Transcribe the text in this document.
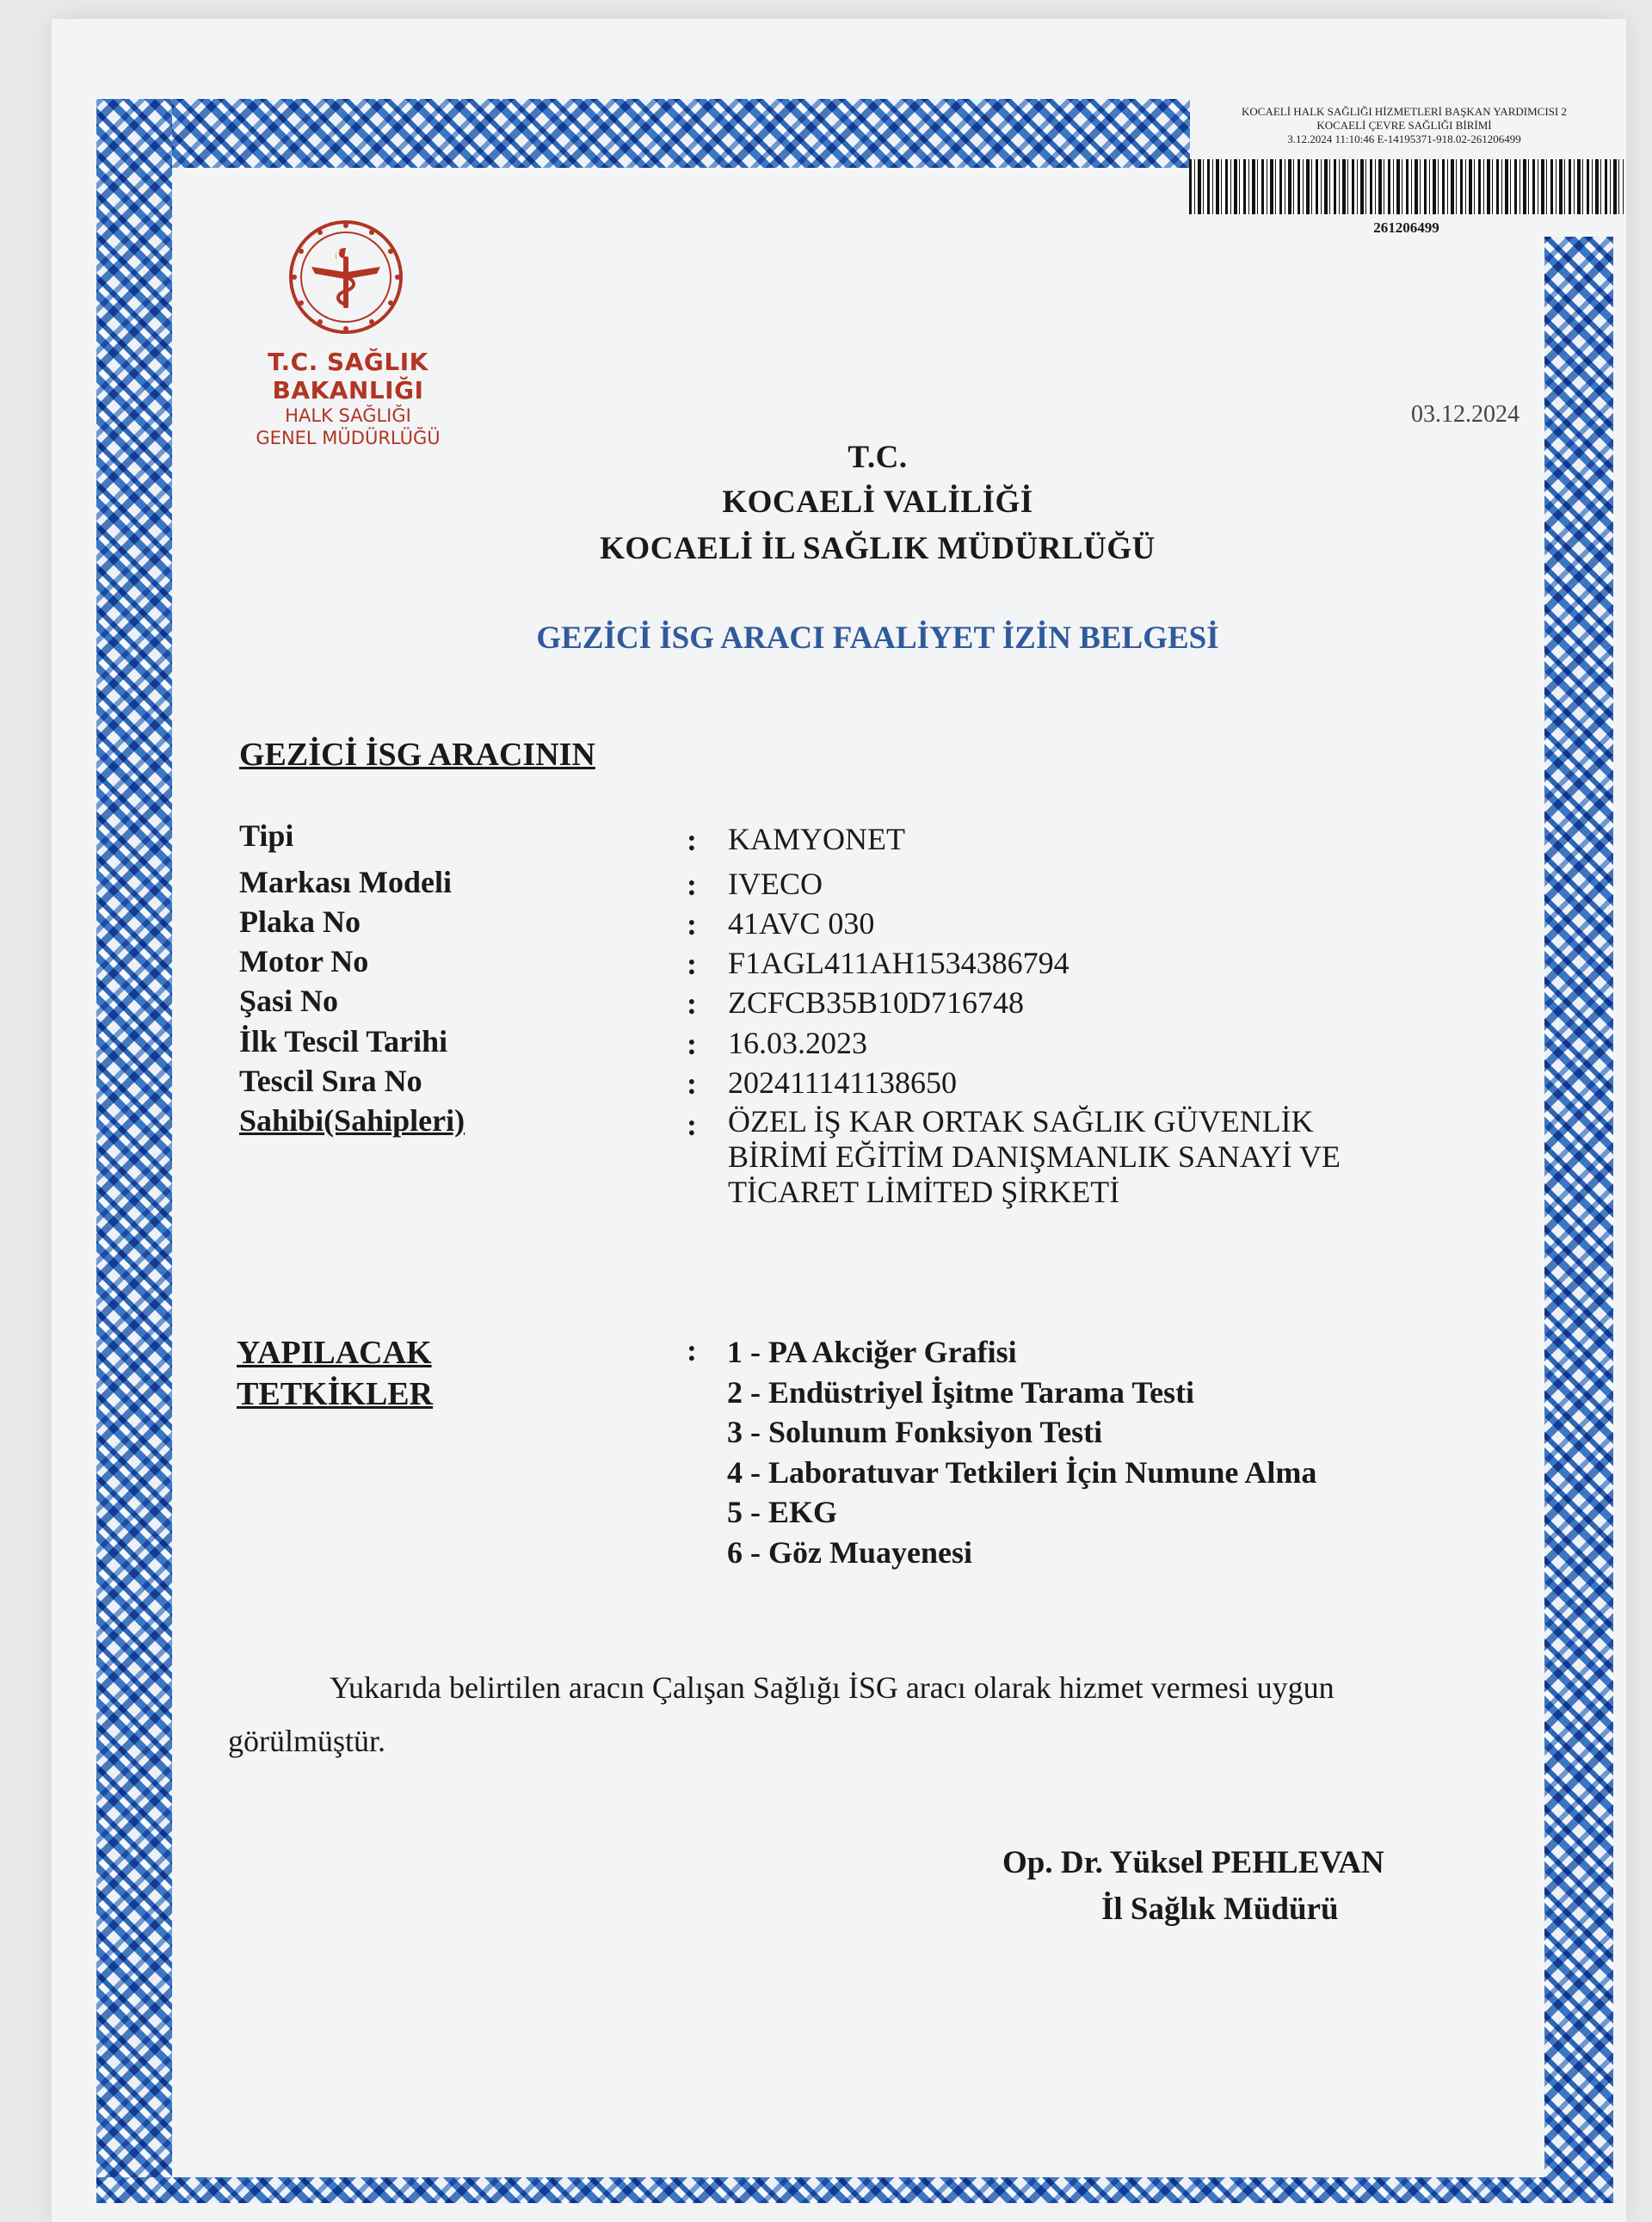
T.C. SAĞLIK BAKANLIĞI
HALK SAĞLIĞI
GENEL MÜDÜRLÜĞÜ
KOCAELİ HALK SAĞLIĞI HİZMETLERİ BAŞKAN YARDIMCISI 2
KOCAELİ ÇEVRE SAĞLIĞI BİRİMİ
3.12.2024 11:10:46 E-14195371-918.02-261206499
261206499
03.12.2024
T.C.
KOCAELİ VALİLİĞİ
KOCAELİ İL SAĞLIK MÜDÜRLÜĞÜ
GEZİCİ İSG ARACI FAALİYET İZİN BELGESİ
GEZİCİ İSG ARACININ
Tipi	: KAMYONET
Markası Modeli	: IVECO
Plaka No	: 41AVC 030
Motor No	: F1AGL411AH1534386794
Şasi No	: ZCFCB35B10D716748
İlk Tescil Tarihi	: 16.03.2023
Tescil Sıra No	: 202411141138650
Sahibi(Sahipleri)	: ÖZEL İŞ KAR ORTAK SAĞLIK GÜVENLİK BİRİMİ EĞİTİM DANIŞMANLIK SANAYİ VE TİCARET LİMİTED ŞİRKETİ
YAPILACAK
TETKİKLER
: 1 - PA Akciğer Grafisi
2 - Endüstriyel İşitme Tarama Testi
3 - Solunum Fonksiyon Testi
4 - Laboratuvar Tetkileri İçin Numune Alma
5 - EKG
6 - Göz Muayenesi
Yukarıda belirtilen aracın Çalışan Sağlığı İSG aracı olarak hizmet vermesi uygun görülmüştür.
Op. Dr. Yüksel PEHLEVAN
İl Sağlık Müdürü
